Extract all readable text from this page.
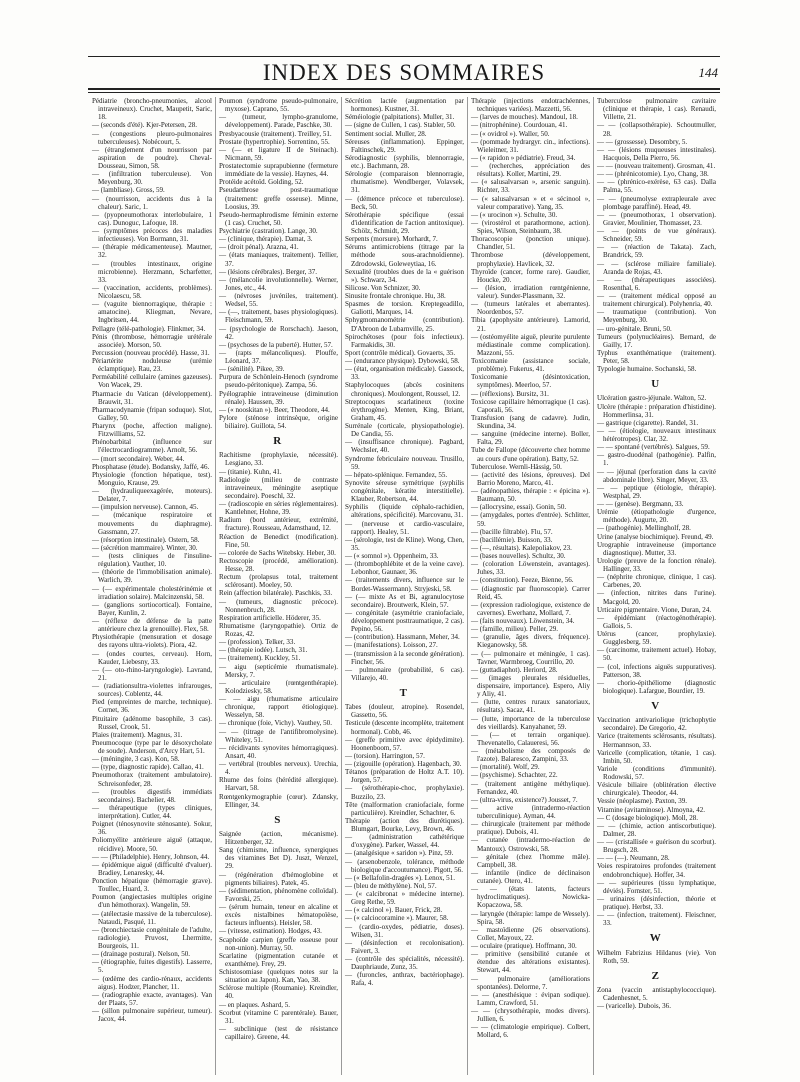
INDEX DES SOMMAIRES	144

Pédiatrie (broncho-pneumonies, alcool intraveineux). Cruchet, Maupetit, Saric, 18.

— (seconds d'été). Kjer-Petersen, 28.

— (congestions pleuro-pulmonaires tuberculeuses). Nobécourt, 5.

— (étranglement d'un nourrisson par aspiration de poudre). Cheval-Dousseau, Simon, 58.

— (infiltration tuberculeuse). Von Meyenburg, 30.

— (lambliase). Gross, 59.

— (nourrisson, accidents dus à la chaleur). Saric, 1.

— (pyopneumothorax interlobulaire, 1 cas). Dunoguc, Lafoque, 18.

— (symptômes précoces des maladies infectieuses). Von Bormann, 31.

— (thérapie médicamenteuse). Mautner, 32.

— (troubles intestinaux, origine microbienne). Herzmann, Scharfetter, 33.

— (vaccination, accidents, problèmes). Nicolaescu, 58.

— (vaguite biennorragique, thérapie : amatocine). Kliegman, Nevare, Ingbritsen, 44.

Pellagre (télé-pathologie). Flinkmer, 34.

Pénis (thrombose, hémorragie urétérale associée). Morson, 50.

Percussion (nouveau procédé). Hasse, 31.

Périartérite noduleuse (urémie éclamptique). Rau, 23.

Perméabilité cellulaire (amines gazeuses). Von Wacek, 29.

Pharmacie du Vatican (développement). Brauwit, 31.

Pharmacodynamie (fripan soduque). Slot, Galley, 50.

Pharynx (poche, affection maligne). Fitzwilliams, 52.

Phénobarbital (influence sur l'électrocardiogramme). Arnolt, 56.

— (mort secondaire). Weber, 44.

Phosphatase (étude). Bodansky, Jaffé, 46.

Physiologie (fonction hépatique, test). Monguio, Krause, 29.

— (hydrauliqueexagérée, moteurs). Delater, 7.

— (impulsion nerveuse). Cannon, 45.

— (mécanique respiratoire et mouvements du diaphragme). Gassmann, 27.

— (résorption intestinale). Ostern, 58.

— (sécrétion mammaire). Winter, 30.

— (tests cliniques de l'insuline-régulation). Vauther, 10.

— (théorie de l'immobilisation animale). Warlich, 39.

— (— expérimentale cholestérinémie et irradiation solaire). Malcinzenski, 58.

— (ganglions sortiocortical). Fontaine, Bayer, Kunlin, 2.

— (réflexe de défense de la patte antérieure chez la grenouille). Flex, 58.

Physiothérapie (mensuration et dosage des rayons ultra-violets). Piora, 42.

— (ondes courtes, cerveau). Horn, Kauder, Liebesny, 33.

— (— oto-rhino-laryngologie). Lavrand, 21.

— (radiationsultra-violettes infrarouges, sources). Coblentz, 44.

Pied (empreintes de marche, technique). Cornet, 36.

Pituitaire (adénome basophile, 3 cas). Russel, Crook, 51.

Plaies (traitement). Magnus, 31.

Pneumocoque (type par le désoxycholate de soude). Anderson, d'Arcy Hart, 51.

— (méningite, 3 cas). Kon, 58.

— (type, diagnostic rapide). Callao, 41.

Pneumothorax (traitement ambulatoire). Schreisonfeder, 28.

— (troubles digestifs immédiats secondaires). Bachelier, 48.

— thérapeutique (types cliniques, interprétation). Cutler, 44.

Poignet (ténosynovite sténosante). Sokur, 36.

Poliomyélite antérieure aiguë (attaque, récidive). Moore, 50.

— — (Philadelphie). Henry, Johnson, 44.

— épidémique aiguë (difficulté d'valuer). Bradiey, Lenaresky, 44.

Ponction hépatique (hémorragie grave). Toullec, Huard, 3.

Poumon (angiectasies multiples origine d'un hémothorax). Wangelin, 59.

— (atélectasie massive de la tuberculose). Nataudi, Pasqué, 11.

— (bronchiectasie congénitale de l'adulte, radiologie). Pruvost, Lhermitte, Bourgeois, 11.

— (drainage postural). Nelson, 50.

— (étiographie, fuites digestifs). Lasserre, 5.

— (œdème des cardio-rénaux, accidents aigus). Hodzer, Plancher, 11.

— (radiographie exacte, avantages). Van der Plaats, 57.

— (sillon pulmonaire supérieur, tumeur). Jacox, 44.

Poumon (syndrome pseudo-pulmonaire, myxose). Caprano, 55.

— (tumeur, lympho-granulome, développement). Parade, Paschke, 30.

Presbyacousie (traitement). Treilley, 51.

Prostate (hypertrophie). Sorrentino, 55.

— (— et ligature II de Steinach). Nicmann, 59.

Prostatectomie suprapubienne (fermeture immédiate de la vessie). Haynes, 44.

Protéide acétoïd. Golding, 52.

Pseudarthrose post-traumatique (traitement: greffe osseuse). Minne, Loosius, 39.

Pseudo-hermaphrodisme féminin externe (1 cas). Cruchet, 50.

Psychiatrie (castration). Lange, 30.

— (clinique, thérapie). Damat, 3.

— (droit pénal). Arazna, 41.

— (états maniaques, traitement). Tellier, 37.

— (lésions cérébrales). Berger, 37.

— (mélancolie involutionnelle). Werner, Jones, etc., 44.

— (névroses juvéniles, traitement). Wedsel, 55.

— (—, traitement, bases physiologiques). Fleischmann, 59.

— (psychologie de Rorschach). Jaeson, 42.

— (psychoses de la puberté). Hutter, 57.

— (rapts mélancoliques). Plouffe, Léonard, 37.

— (sénilité). Pikee, 39.

Purpura de Schönlein-Henoch (syndrome pseudo-péritonique). Zampa, 56.

Pyélographie intraveineuse (diminution rénale). Haussen, 39.

— (« nooskitan »). Beer, Theodore, 44.

Pylore (sténose intrinsèque, origine biliaire). Guillota, 54.

R

Rachitisme (prophylaxie, nécessité). Lesgiano, 33.

— (titanie). Kuhn, 41.

Radiologie (milieu de contraste intraveineux, méningite aseptique secondaire). Poeschl, 32.

— (radioscopie en séries réglementaires). Kantlehner, Hohne, 39.

Radium (bord antérieur, extrémité, fracture). Rousseau, Adamsthaud, 12.

Réaction de Benedict (modification). Fine, 50.

— colorée de Sachs Witebsky. Heber, 30.

Rectoscopie (procédé, amélioration). Hesse, 28.

Rectum (prolapsus total, traitement sclérosant). Moeley, 50.

Rein (affection bilatérale). Paschkis, 33.

— (tumeurs, diagnostic précoce). Nonnenbruch, 28.

Respiration artificielle. Höderer, 35.

Rhumatisme (laryngopathie). Ortiz de Rozas, 42.

— (profession). Telker, 33.

— (thérapie iodée). Lutsch, 31.

— (traitement). Kuckley, 51.

— aigu (septicémie rhumatismale). Mersky, 7.

— articulaire (rœntgenthérapie). Kolodziesky, 58.

— — aigu (rhumatisme articulaire chronique, rapport étiologique). Wesselyn, 58.

— chronique (foie, Vichy). Vauthey, 50.

— — (titrage de l'antifibromolysine). Whiteley, 51.

— récidivants synovites hémorragiques). Ansart, 40.

— vertébral (troubles nerveux). Urechia, 4.

Rhume des foins (hérédité allergique). Harvart, 58.

Rœntgenkymographie (cœur). Zdansky, Ellinger, 34.

S

Saignée (action, mécanisme). Hitzenberger, 32.

Sang (chimisme, influence, synergiques des vitamines Bet D). Juszt, Wenzel, 29.

— (régénération d'hémoglobine et pigments biliaires). Patek, 45.

— (sédimentation, phénomène colloïdal). Favorski, 25.

— (sérum humain, teneur en alcaline et excès nistalbines hématopoïèse, facteurs influents). Heisler, 58.

— (vitesse, estimation). Hodges, 43.

Scaphoïde carpien (greffe osseuse pour non-union). Murray, 50.

Scarlatine (pigmentation cutanée et exanthème). Frey, 29.

Schistosomiase (quelques notes sur la situation au Japon). Kan, Yao, 38.

Sclérose multiple (Roumanie). Kreindler, 40.

— en plaques. Ashard, 5.

Scorbut (vitamine C parentérale). Bauer, 31.

— subclinique (test de résistance capillaire). Greene, 44.

Sécrétion lactée (augmentation par hormones). Kustner, 31.

Séméiologie (palpitations). Muller, 31.

— (signe de Cullen, 1 cas). Stabler, 50.

Sentiment social. Muller, 28.

Séreuses (inflammation). Eppinger, Faltinschek, 29.

Sérodiagnostic (syphilis, blennorragie, etc.). Bachmann, 28.

Sérologie (comparaison blennorragie, rhumatisme). Wendlberger, Volavsek, 31.

— (démence précoce et tuberculose). Beck, 50.

Sérothérapie spécifique (essai d'identification de l'action antitoxique). Schölz, Schmidt, 29.

Serpents (morsure). Morhardt, 7.

Sérums antimicrobiens (titrage par la méthode sous-arachnoïdienne). Zdrodowski, Goleweytiaa, 16.

Sexualité (troubles dues de la « guérison »). Schwarz, 34.

Silicose. Von Schnizer, 30.

Sinusite frontale chronique. Hu, 38.

Spasmes de torsion. Kreptegeadillo, Galiotti, Marques, 14.

Sphygmomanométrie (contribution). D'Abroon de Lubarnville, 25.

Spirochétoses (pour fois infectieux). Farmakidis, 30.

Sport (contrôle médical). Govaerts, 35.

— (endurance physique). Dybowski, 58.

— (état, organisation médicale). Gassock, 33.

Staphylocoques (abcès cosinitens chroniques). Moulongent, Roussel, 12.

Streptocoques scarlatineux (toxine érythrogène). Menten, King, Briant, Graham, 45.

Surrénale (corticale, physiopathologie). De Candia, 55.

— (insuffisance chronique). Pagbard, Wechsler, 40.

Syndrome febriculaire nouveau. Trusillo, 59.

— hépato-splénique. Fernandez, 55.

Synovite séreuse symétrique (syphilis congénitale, kératite interstitielle). Klauber, Robertson, 44.

Syphilis (liquide céphalo-rachidien, altérations, spécificité). Marcovanu, 31.

— (nerveuse et cardio-vasculaire, rapport). Healey, 51.

— (sérologie, test de Kline). Wong, Chen, 35.

— (« somnol »). Oppenheim, 33.

— (thrombophlébite et de la veine cave). Lebonhor, Gaunaer, 36.

— (traitements divers, influence sur le Bordet-Wassermann). Stryjeski, 58.

— (— mixte As et Bi, agranulocytose secondaire). Broutwerk, Klein, 57.

— congénitale (asymétrie craniofaciale, développement posttraumatique, 2 cas). Pepino, 56.

— (contribution). Hassmann, Meher, 34.

— (manifestations). Loisson, 27.

— (transmission à la seconde génération). Fincher, 56.

— pulmonaire (probabilité, 6 cas). Villarejo, 40.

T

Tabes (douleur, atropine). Rosendel, Gassetto, 56.

Testicule (descente incomplète, traitement hormonal). Cobb, 46.

— (greffe primitive avec épidydimite). Hoonenboom, 57.

— (torsion). Harrington, 57.

— (zigouille (opération). Hagenbach, 30.

Tétanos (préparation de Holtz A.T. 10). Jorgen, 57.

— (sérothérapie-choc, prophylaxie). Buzzilo, 23.

Tête (malformation craniofaciale, forme particulière). Kreindler, Schachter, 6.

Thérapie (action des diurétiques). Blumgart, Bourke, Levy, Brown, 46.

— (administration cathétérique d'oxygène). Parker, Wassel, 44.

— (analgésique « saridon »). Pinz, 59.

— (arsenobenzole, tolérance, méthode biologique d'accoutumance). Pigott, 56.

— (« Bellafolin-dragées »). Lenox, 51.

— (bleu de méthylène). Nol, 57.

— (« calcibronat » médecine interne). Greg Rethe, 59.

— (« calcinol »). Bauer, Frick, 28.

— (« calciocoramine »). Maurer, 58.

— (cardio-oxydes, pédiatrie, doses). Wilsen, 31.

— (désinfection et recolonisation). Faivert, 3.

— (contrôle des spécialités, nécessité). Dauphriaude, Zunz, 35.

— (furoncles, anthrax, bactériophage). Rafa, 4.

Thérapie (injections endotrachéennes, techniques variées). Mazzetti, 56.

— (larves de mouches). Mandoul, 18.

— (nitrophénine). Courdouan, 41.

— (« ovidrol »). Waller, 50.

— (pommade hydrargyr. cin., infections). Wieleitner, 31.

— (« rapidon » pédiatrie). Freud, 34.

— (recherches, appréciation des résultats). Koller, Martini, 29.

— (« salusalvarsan », arsenic sanguin). Richter, 33.

— (« salusalvarsan » et « sécinool », valeur comparative). Yang, 35.

— (« urocinon »). Schulte, 30.

— (virostérol et parathormone, action). Spies, Wilson, Steinbaum, 38.

Thoracoscopie (ponction unique). Chandler, 51.

Thrombose (développement, prophylaxie). Havlicek, 32.

Thyroïde (cancer, forme rare). Gaudier, Houcke, 20.

— (lésion, irradiation rœntgénienne, valeur). Sunder-Plassmann, 32.

— (tumeurs latérales et aberrantes). Noordenbos, 57.

Tibia (apophysite antérieure). Lamorid, 21.

— (ostéomyélite aiguë, pleurite purulente médiastinale comme complication). Mazzoni, 55.

Toxicomanie (assistance sociale, problème). Fukerus, 41.

Toxicomanie (désintoxication, symptômes). Meerloo, 57.

— (réflexions). Bursitz, 31.

Toxicose capillaire hémorragique (1 cas). Caporali, 56.

Transfusion (sang de cadavre). Judin, Skundina, 34.

— sanguine (médecine interne). Boller, Falta, 29.

Tube de Fallope (découverte chez homme au cours d'une opération). Batty, 52.

Tuberculose. Wernli-Hässig, 50.

— (activité des lésions, épreuves). Del Barrio Moreno, Marco, 41.

— (adénopathies, thérapie : « épicina »). Baumann, 50.

— (allocrysine, essai). Gonin, 50.

— (amygdales, portes d'entrée). Schlitter, 59.

— (bacille filtrable). Flu, 57.

— (bacillémie). Buisson, 33.

— (—, résultats). Kalepoliakov, 23.

— (bases nouvelles). Schultz, 30.

— (coloration Löwenstein, avantages). Juhes, 33.

— (constitution). Feeze, Bienne, 56.

— (diagnostic par fluoroscopie). Carrer Reid, 45.

— (expression radiologique, existence de cavernes). Ewerhanz, Mollard, 7.

— (faits nouveaux). Löwenstein, 34.

— (famille, milieu). Peller, 29.

— (granulie, âges divers, fréquence). Kieganowsky, 58.

— (— pulmonaire et méningée, 1 cas). Tavner, Warmbroeg, Courrillo, 20.

— (guttadiaphot). Heriord, 28.

— (images pleurales résiduelles, dispensaire, importance). Espero, Aliy y Aliy, 41.

— (lutte, centres ruraux sanatoriaux, résultats). Sacaz, 41.

— (lutte, importance de la tuberculose des vieillards). Kanyahaner, 59.

— (— et terrain organique). Thevenatello, Calaueresi, 56.

— (métabolisme des composés de l'azote). Balaresco, Zampini, 33.

— (mortalité). Wolf, 29.

— (psychisme). Schachter, 22.

— (traitement antigène méthylique). Fernandez, 40.

— (ultra-virus, existence?) Jousset, 7.

— active (intradermo-réaction tuberculinique). Ayman, 44.

— chirurgicale (traitement par méthode pratique). Dubois, 41.

— cutanée (intradermo-réaction de Mantoux). Ostrowski, 58.

— génitale (chez l'homme mâle). Campbell, 38.

— infantile (indice de déclinaison cutanée). Otero, 41.

— — (états latents, facteurs hydroclimatiques). Nowicka-Kopaczowa, 58.

— laryngée (thérapie: lampe de Wessely). Spira, 58.

— mastoïdienne (26 observations). Collet, Mayoux, 22.

— oculaire (pratique). Hoffmann, 30.

— primitive (sensibilité cutanée et étendue des altérations existantes). Stewart, 44.

— pulmonaire (améliorations spontanées). Delorme, 7.

— — (anesthésique : évipan sodique). Lamm, Crawford, 51.

— — (chrysothérapie, modes divers). Jullien, 6.

— — (climatologie empirique). Colbert, Mollard, 6.

Tuberculose pulmonaire cavitaire (clinique et thérapie, 1 cas). Renaudi, Villette, 21.

— — (collapsothérapie). Schoutmuller, 28.

— — (grossesse). Desombry, 5.

— — (lésions muqueuses intestinales). Hacquois, Della Pierro, 56.

— — (nouveau traitement). Grosman, 41.

— — (phrénicotomie). Lyo, Chang, 38.

— — (phrénico-exérèse, 63 cas). Dalla Palma, 55.

— — (pneumolyse extrapleurale avec plombage paraffiné). Head, 49.

— — (pneumothorax, 1 observation). Gravier, Moulinier, Thomasset, 23.

— — (points de vue généraux). Schneider, 59.

— — (réaction de Takata). Zach, Brandrick, 59.

— — (sclérose miliaire familiale). Aranda de Rojas, 43.

— — (thérapeutiques associées). Rosenthal, 6.

— — (traitement médical opposé au traitement chirurgical). Polyhenria, 40.

— traumatique (contribution). Von Meyenburg, 30.

— uro-génitale. Bruni, 50.

Tumeurs (polynucléaires). Bernard, de Gailly, 17.

Typhus exanthématique (traitement). Peter, 58.

Typologie humaine. Sochanski, 58.

U

Ulcération gastro-jéjunale. Walton, 52.

Ulcère (thérapie : préparation d'histidine). Hommerlinsa, 31.

— gastrique (cigarette). Randel, 31.

— — (étiologie, nouveaux intestinaux hétérotropes). Clar, 32.

— — spontané (vertébrés). Salgues, 59.

— gastro-duodénal (pathogénie). Palfin, 1.

— — jéjunal (perforation dans la cavité abdominale libre). Singer, Meyer, 33.

— — peptique (étiologie, thérapie). Westphal, 29.

— — (genèse). Bergmann, 33.

Urémie (étiopathologie d'urgence, méthode). Augurte, 20.

— (pathogénie). Mellingholf, 28.

Urine (analyse biochimique). Freund, 49.

Urographie intraveineuse (importance diagnostique). Mutter, 33.

Urologie (preuve de la fonction rénale). Hallinger, 33.

— (néphrite chronique, clinique, 1 cas). Carbenes, 20.

— (infection, nitrites dans l'urine). Macgold, 20.

Urticaire pigmentaire. Vione, Duran, 24.

— épidémiant (réactogénothérapie). Gallois, 5.

Utérus (cancer, prophylaxie). Gugglesberg, 59.

— (carcinome, traitement actuel). Hobay, 50.

— (col, infections aiguës suppuratives). Patterson, 38.

— chorio-épithéliome (diagnostic biologique). Lafargue, Bourdier, 19.

V

Vaccination antivariolique (trichophytie secondaire). De Gregorio, 42.

Varice (traitements sclérosants, résultats). Hermannson, 33.

Varicelle (complication, tétanie, 1 cas). Imbin, 50.

Variole (conditions d'immunité). Rodowski, 57.

Vésicule biliaire (oblitération élective chirurgicale). Theodor, 44.

Vessie (néoplasme). Paxton, 39.

Vitamine (avitaminose). Almoyna, 42.

— C (dosage biologique). Moll, 28.

— — (chimie, action antiscorbutique). Dalmer, 28.

— — (cristallisée « guérison du scorbut). Brugsch, 28.

— — (—). Neumann, 28.

Voies respiratoires profondes (traitement endobronchique). Hoffer, 34.

— — supérieures (tissu lymphatique, déviés). Fornster, 51.

— urinaires (désinfection, théorie et pratique). Herbst, 33.

— — (infection, traitement). Fleischner, 33.

W

Wilhelm Fabrizius Hildanus (vie). Von Roth, 59.

Z

Zona (vaccin antistaphylococcique). Cadenhesnet, 5.

— (varicelle). Dubois, 36.
